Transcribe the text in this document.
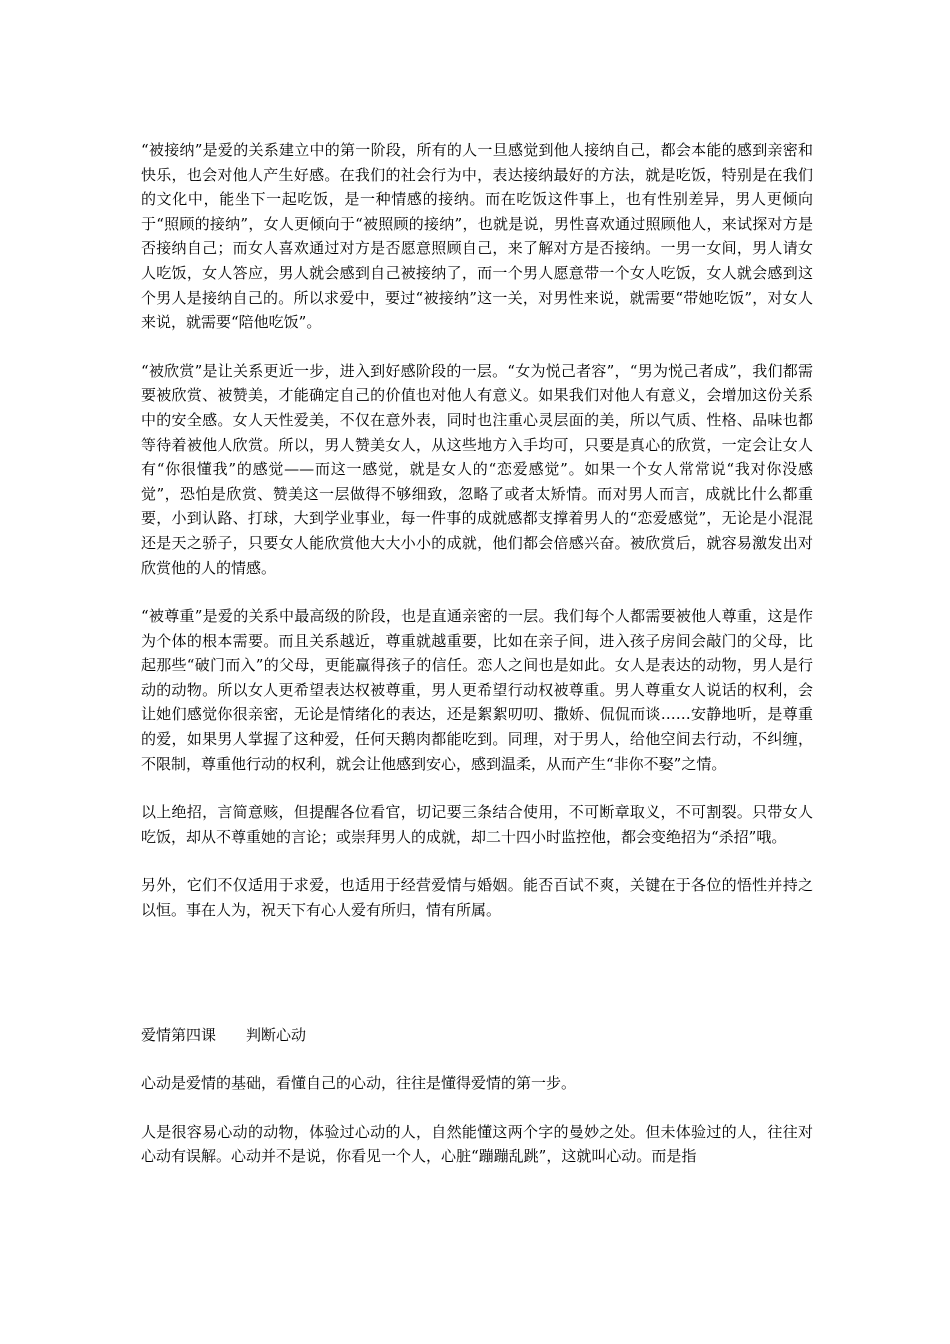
“被接纳”是爱的关系建立中的第一阶段，所有的人一旦感觉到他人接纳自己，都会本能的感到亲密和快乐，也会对他人产生好感。在我们的社会行为中，表达接纳最好的方法，就是吃饭，特别是在我们的文化中，能坐下一起吃饭，是一种情感的接纳。而在吃饭这件事上，也有性别差异，男人更倾向于“照顾的接纳”，女人更倾向于“被照顾的接纳”，也就是说，男性喜欢通过照顾他人，来试探对方是否接纳自己；而女人喜欢通过对方是否愿意照顾自己，来了解对方是否接纳。一男一女间，男人请女人吃饭，女人答应，男人就会感到自己被接纳了，而一个男人愿意带一个女人吃饭，女人就会感到这个男人是接纳自己的。所以求爱中，要过“被接纳”这一关，对男性来说，就需要“带她吃饭”，对女人来说，就需要“陪他吃饭”。

“被欣赏”是让关系更近一步，进入到好感阶段的一层。“女为悦己者容”，“男为悦己者成”，我们都需要被欣赏、被赞美，才能确定自己的价值也对他人有意义。如果我们对他人有意义，会增加这份关系中的安全感。女人天性爱美，不仅在意外表，同时也注重心灵层面的美，所以气质、性格、品味也都等待着被他人欣赏。所以，男人赞美女人，从这些地方入手均可，只要是真心的欣赏，一定会让女人有“你很懂我”的感觉——而这一感觉，就是女人的“恋爱感觉”。如果一个女人常常说“我对你没感觉”，恐怕是欣赏、赞美这一层做得不够细致，忽略了或者太矫情。而对男人而言，成就比什么都重要，小到认路、打球，大到学业事业，每一件事的成就感都支撑着男人的“恋爱感觉”，无论是小混混还是天之骄子，只要女人能欣赏他大大小小的成就，他们都会倍感兴奋。被欣赏后，就容易激发出对欣赏他的人的情感。

“被尊重”是爱的关系中最高级的阶段，也是直通亲密的一层。我们每个人都需要被他人尊重，这是作为个体的根本需要。而且关系越近，尊重就越重要，比如在亲子间，进入孩子房间会敲门的父母，比起那些“破门而入”的父母，更能赢得孩子的信任。恋人之间也是如此。女人是表达的动物，男人是行动的动物。所以女人更希望表达权被尊重，男人更希望行动权被尊重。男人尊重女人说话的权利，会让她们感觉你很亲密，无论是情绪化的表达，还是絮絮叨叨、撒娇、侃侃而谈……安静地听，是尊重的爱，如果男人掌握了这种爱，任何天鹅肉都能吃到。同理，对于男人，给他空间去行动，不纠缠，不限制，尊重他行动的权利，就会让他感到安心，感到温柔，从而产生“非你不娶”之情。

以上绝招，言简意赅，但提醒各位看官，切记要三条结合使用，不可断章取义，不可割裂。只带女人吃饭，却从不尊重她的言论；或崇拜男人的成就，却二十四小时监控他，都会变绝招为“杀招”哦。

另外，它们不仅适用于求爱，也适用于经营爱情与婚姻。能否百试不爽，关键在于各位的悟性并持之以恒。事在人为，祝天下有心人爱有所归，情有所属。

爱情第四课 判断心动

心动是爱情的基础，看懂自己的心动，往往是懂得爱情的第一步。

人是很容易心动的动物，体验过心动的人，自然能懂这两个字的曼妙之处。但未体验过的人，往往对心动有误解。心动并不是说，你看见一个人，心脏“蹦蹦乱跳”，这就叫心动。而是指
